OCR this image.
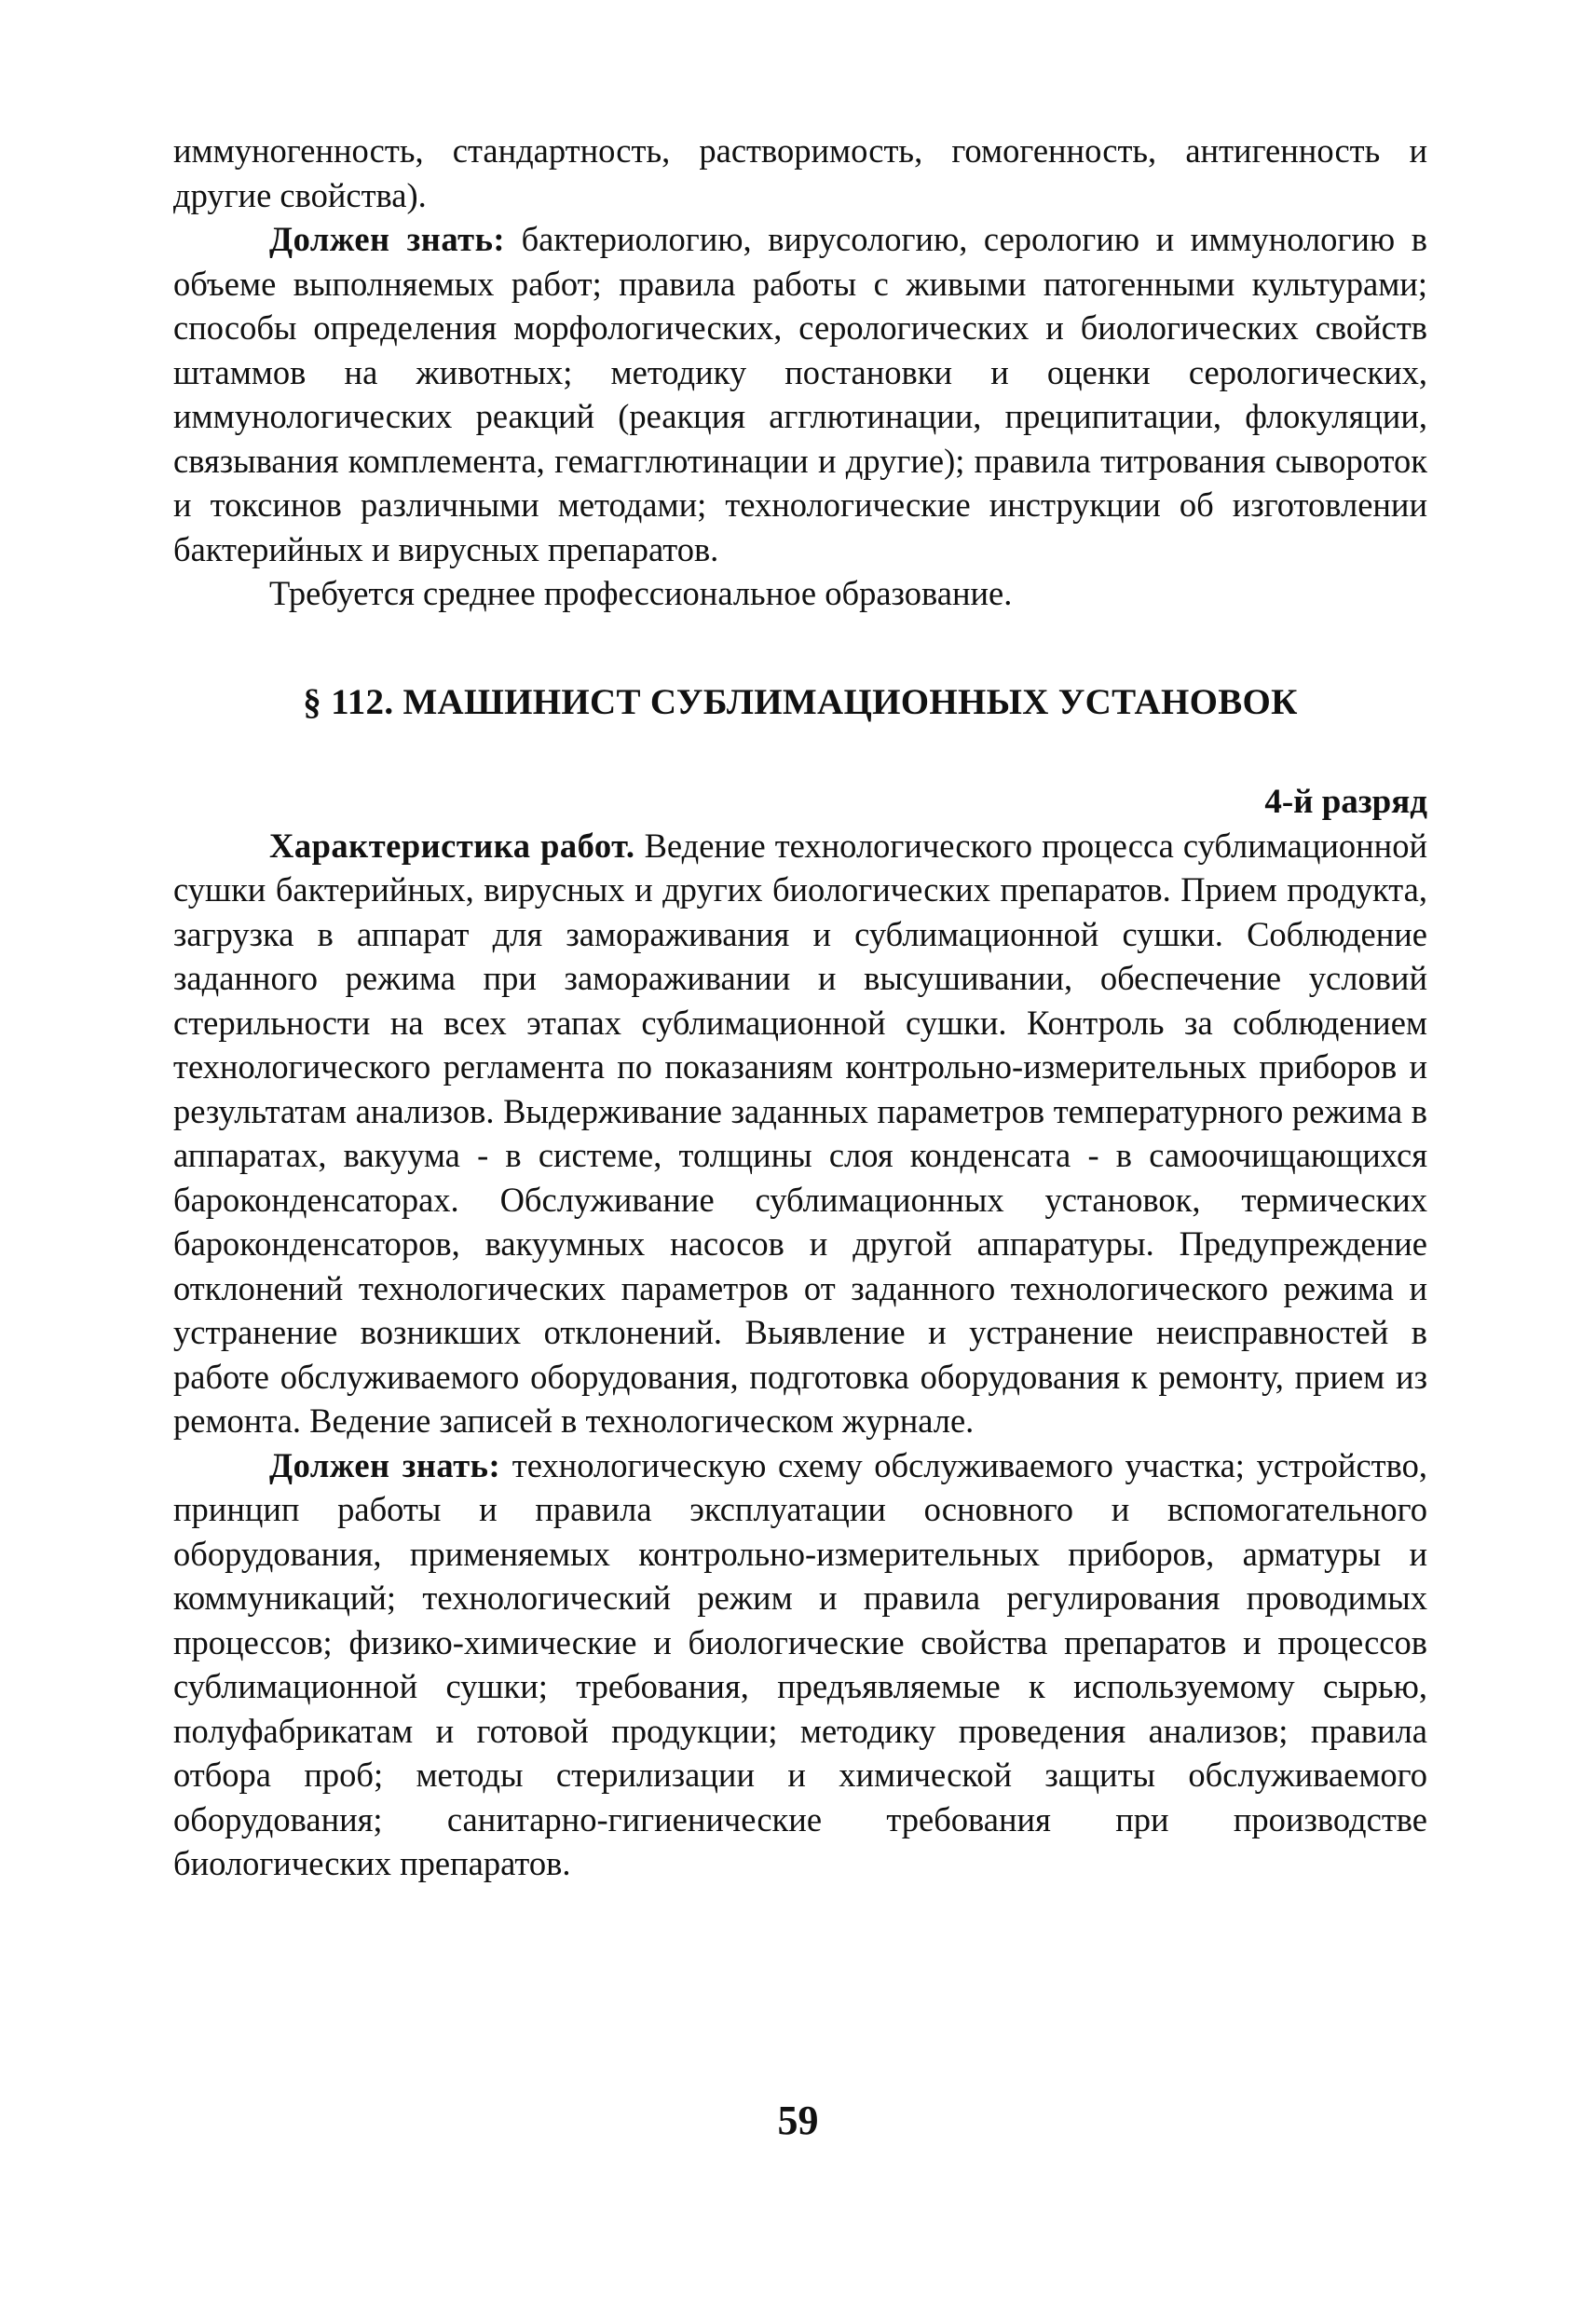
иммуногенность, стандартность, растворимость, гомогенность, антигенность и другие свойства).

Должен знать: бактериологию, вирусологию, серологию и иммунологию в объеме выполняемых работ; правила работы с живыми патогенными культурами; способы определения морфологических, серологических и биологических свойств штаммов на животных; методику постановки и оценки серологических, иммунологических реакций (реакция агглютинации, преципитации, флокуляции, связывания комплемента, гемагглютинации и другие); правила титрования сывороток и токсинов различными методами; технологические инструкции об изготовлении бактерийных и вирусных препаратов.

Требуется среднее профессиональное образование.

§ 112. МАШИНИСТ СУБЛИМАЦИОННЫХ УСТАНОВОК
4-й разряд

Характеристика работ. Ведение технологического процесса сублимационной сушки бактерийных, вирусных и других биологических препаратов. Прием продукта, загрузка в аппарат для замораживания и сублимационной сушки. Соблюдение заданного режима при замораживании и высушивании, обеспечение условий стерильности на всех этапах сублимационной сушки. Контроль за соблюдением технологического регламента по показаниям контрольно-измерительных приборов и результатам анализов. Выдерживание заданных параметров температурного режима в аппаратах, вакуума - в системе, толщины слоя конденсата - в самоочищающихся бароконденсаторах. Обслуживание сублимационных установок, термических бароконденсаторов, вакуумных насосов и другой аппаратуры. Предупреждение отклонений технологических параметров от заданного технологического режима и устранение возникших отклонений. Выявление и устранение неисправностей в работе обслуживаемого оборудования, подготовка оборудования к ремонту, прием из ремонта. Ведение записей в технологическом журнале.

Должен знать: технологическую схему обслуживаемого участка; устройство, принцип работы и правила эксплуатации основного и вспомогательного оборудования, применяемых контрольно-измерительных приборов, арматуры и коммуникаций; технологический режим и правила регулирования проводимых процессов; физико-химические и биологические свойства препаратов и процессов сублимационной сушки; требования, предъявляемые к используемому сырью, полуфабрикатам и готовой продукции; методику проведения анализов; правила отбора проб; методы стерилизации и химической защиты обслуживаемого оборудования; санитарно-гигиенические требования при производстве биологических препаратов.

59
